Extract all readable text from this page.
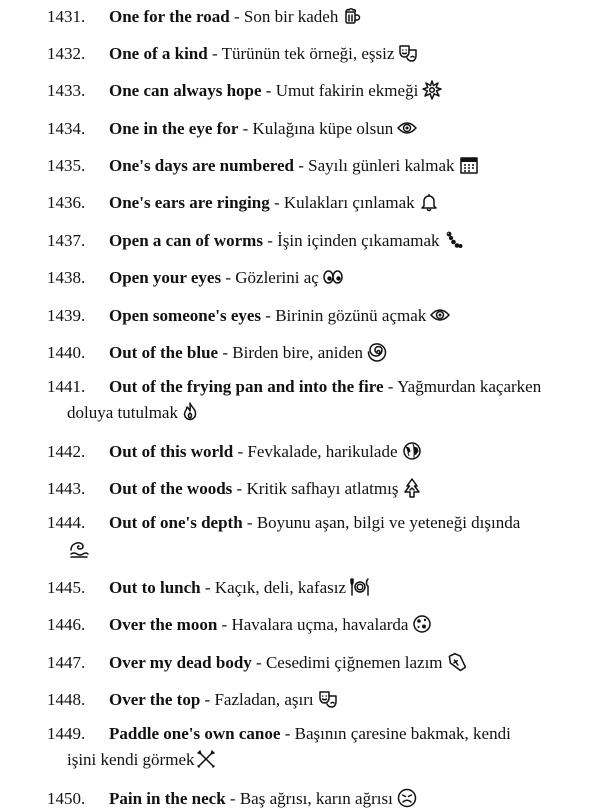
1431. One for the road - Son bir kadeh
1432. One of a kind - Türünün tek örneği, eşsiz
1433. One can always hope - Umut fakirin ekmeği
1434. One in the eye for - Kulağına küpe olsun
1435. One's days are numbered - Sayılı günleri kalmak
1436. One's ears are ringing - Kulakları çınlamak
1437. Open a can of worms - İşin içinden çıkamamak
1438. Open your eyes - Gözlerini aç
1439. Open someone's eyes - Birinin gözünü açmak
1440. Out of the blue - Birden bire, aniden
1441. Out of the frying pan and into the fire - Yağmurdan kaçarken
doluya tutulmak
1442. Out of this world - Fevkalade, harikulade
1443. Out of the woods - Kritik safhayı atlatmış
1444. Out of one's depth - Boyunu aşan, bilgi ve yeteneği dışında
1445. Out to lunch - Kaçık, deli, kafasız
1446. Over the moon - Havalara uçma, havalarda
1447. Over my dead body - Cesedimi çiğnemen lazım
1448. Over the top - Fazladan, aşırı
1449. Paddle one's own canoe - Başının çaresine bakmak, kendi
işini kendi görmek
1450. Pain in the neck - Baş ağrısı, karın ağrısı
